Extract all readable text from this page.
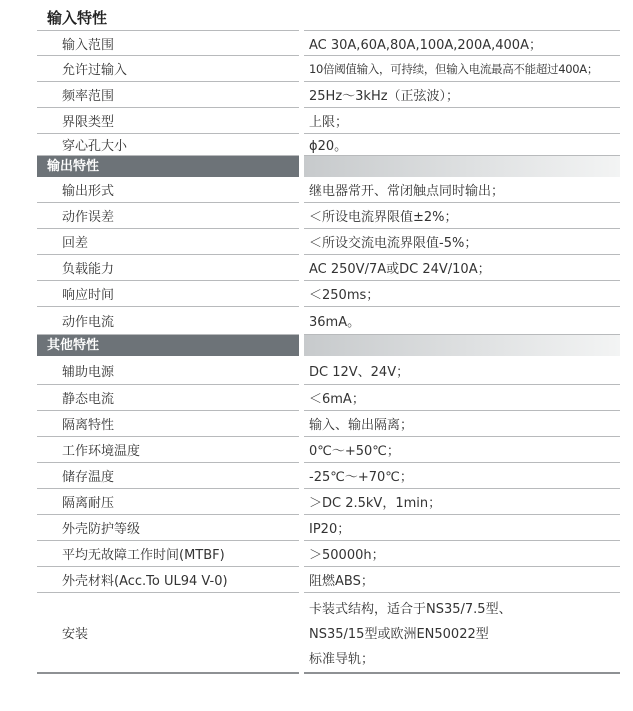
输入特性
输入范围	AC 30A,60A,80A,100A,200A,400A；
允许过输入	10倍阈值输入，可持续，但输入电流最高不能超过400A；
频率范围	25Hz～3kHz（正弦波）；
界限类型	上限；
穿心孔大小	ϕ20。
输出特性
输出形式	继电器常开、常闭触点同时输出；
动作误差	＜所设电流界限值±2%；
回差	＜所设交流电流界限值-5%；
负载能力	AC 250V/7A或DC 24V/10A；
响应时间	＜250ms；
动作电流	36mA。
其他特性
辅助电源	DC 12V、24V；
静态电流	＜6mA；
隔离特性	输入、输出隔离；
工作环境温度	0℃～+50℃；
储存温度	-25℃～+70℃；
隔离耐压	＞DC 2.5kV，1min；
外壳防护等级	IP20；
平均无故障工作时间(MTBF)	＞50000h；
外壳材料(Acc.To UL94 V-0)	阻燃ABS；
安装
卡装式结构，适合于NS35/7.5型、
NS35/15型或欧洲EN50022型
标准导轨；
